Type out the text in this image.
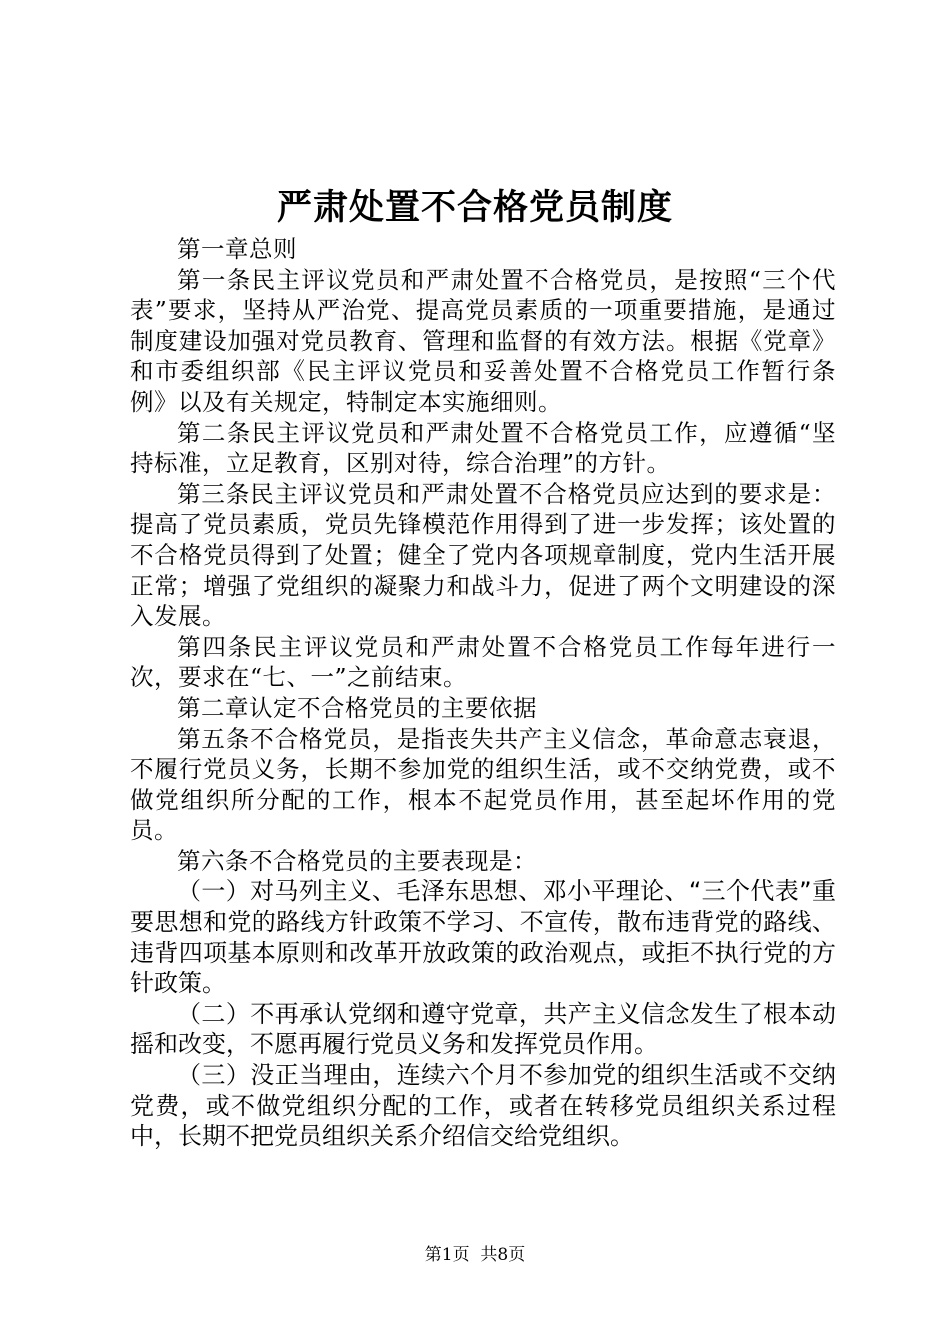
严肃处置不合格党员制度

第一章总则

第一条民主评议党员和严肃处置不合格党员，是按照“三个代表”要求，坚持从严治党、提高党员素质的一项重要措施，是通过制度建设加强对党员教育、管理和监督的有效方法。根据《党章》和市委组织部《民主评议党员和妥善处置不合格党员工作暂行条例》以及有关规定，特制定本实施细则。

第二条民主评议党员和严肃处置不合格党员工作，应遵循“坚持标准，立足教育，区别对待，综合治理”的方针。

第三条民主评议党员和严肃处置不合格党员应达到的要求是：提高了党员素质，党员先锋模范作用得到了进一步发挥；该处置的不合格党员得到了处置；健全了党内各项规章制度，党内生活开展正常；增强了党组织的凝聚力和战斗力，促进了两个文明建设的深入发展。

第四条民主评议党员和严肃处置不合格党员工作每年进行一次，要求在“七、一”之前结束。

第二章认定不合格党员的主要依据

第五条不合格党员，是指丧失共产主义信念，革命意志衰退，不履行党员义务，长期不参加党的组织生活，或不交纳党费，或不做党组织所分配的工作，根本不起党员作用，甚至起坏作用的党员。

第六条不合格党员的主要表现是：

（一）对马列主义、毛泽东思想、邓小平理论、“三个代表”重要思想和党的路线方针政策不学习、不宣传，散布违背党的路线、违背四项基本原则和改革开放政策的政治观点，或拒不执行党的方针政策。

（二）不再承认党纲和遵守党章，共产主义信念发生了根本动摇和改变，不愿再履行党员义务和发挥党员作用。

（三）没正当理由，连续六个月不参加党的组织生活或不交纳党费，或不做党组织分配的工作，或者在转移党员组织关系过程中，长期不把党员组织关系介绍信交给党组织。

第1页 共8页
